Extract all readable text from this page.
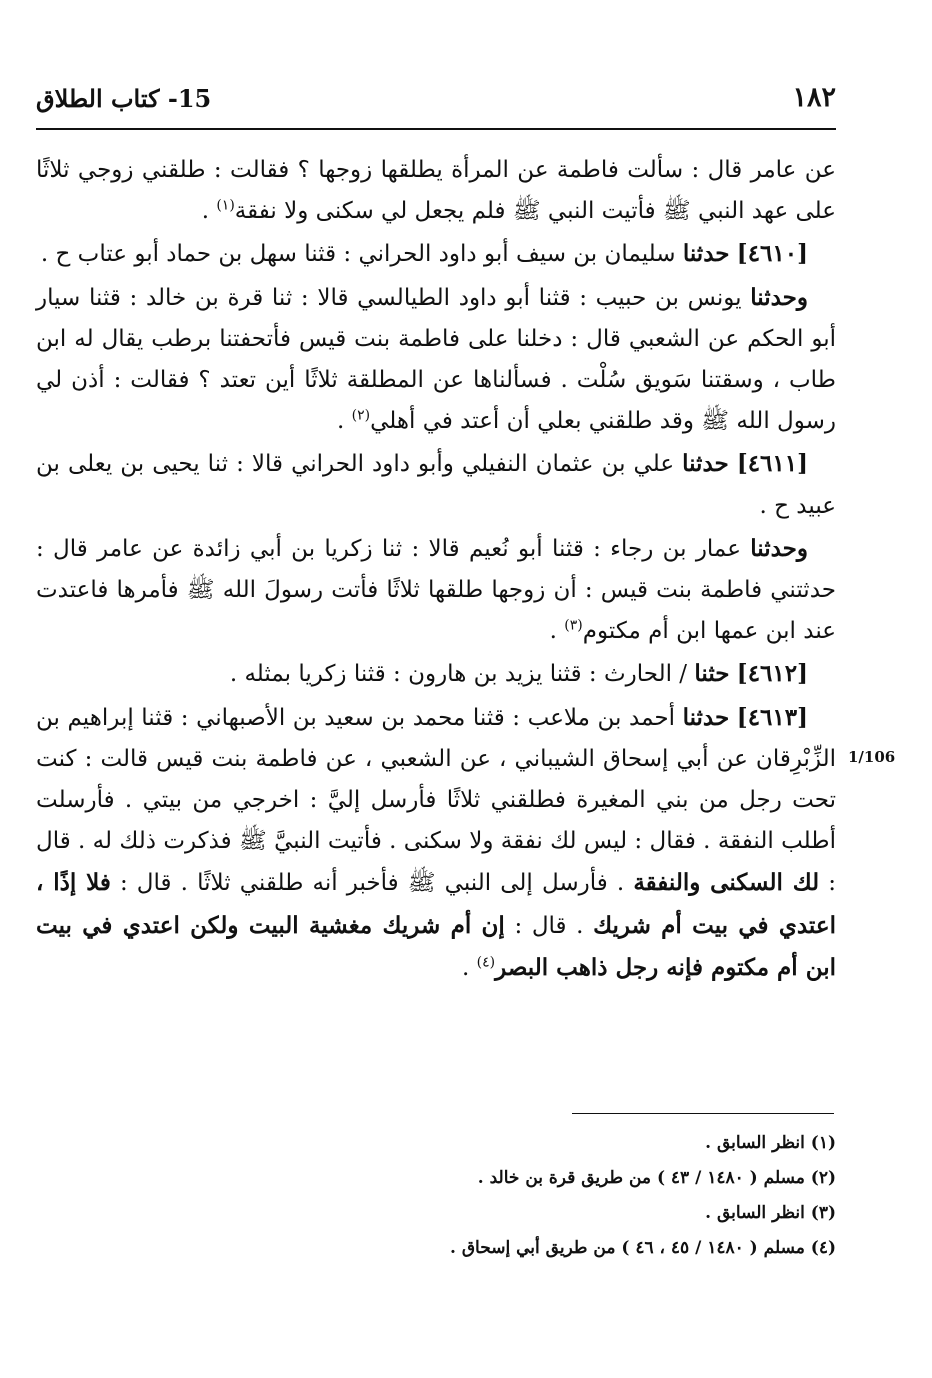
١٨٢
15- كتاب الطلاق

عن عامر قال : سألت فاطمة عن المرأة يطلقها زوجها ؟ فقالت : طلقني زوجي ثلاثًا على عهد النبي ﷺ فأتيت النبي ﷺ فلم يجعل لي سكنى ولا نفقة$^{(١)}$ .

[٤٦١٠] حدثنا سليمان بن سيف أبو داود الحراني : قثنا سهل بن حماد أبو عتاب ح .

وحدثنا يونس بن حبيب : قثنا أبو داود الطيالسي قالا : ثنا قرة بن خالد : قثنا سيار أبو الحكم عن الشعبي قال : دخلنا على فاطمة بنت قيس فأتحفتنا برطب يقال له ابن طاب ، وسقتنا سَويق سُلْت . فسألناها عن المطلقة ثلاثًا أين تعتد ؟ فقالت : أذن لي رسول الله ﷺ وقد طلقني بعلي أن أعتد في أهلي$^{(٢)}$ .

[٤٦١١] حدثنا علي بن عثمان النفيلي وأبو داود الحراني قالا : ثنا يحيى بن يعلى بن عبيد ح .

وحدثنا عمار بن رجاء : قثنا أبو نُعيم قالا : ثنا زكريا بن أبي زائدة عن عامر قال : حدثتني فاطمة بنت قيس : أن زوجها طلقها ثلاثًا فأتت رسولَ الله ﷺ فأمرها فاعتدت عند ابن عمها ابن أم مكتوم$^{(٣)}$ .

[٤٦١٢] حثنا / الحارث : قثنا يزيد بن هارون : قثنا زكريا بمثله .

[٤٦١٣] حدثنا أحمد بن ملاعب : قثنا محمد بن سعيد بن الأصبهاني : قثنا إبراهيم بن الزِّبْرِقان عن أبي إسحاق الشيباني ، عن الشعبي ، عن فاطمة بنت قيس قالت : كنت تحت رجل من بني المغيرة فطلقني ثلاثًا فأرسل إليَّ : اخرجي من بيتي . فأرسلت أطلب النفقة . فقال : ليس لك نفقة ولا سكنى . فأتيت النبيَّ ﷺ فذكرت ذلك له . قال : لك السكنى والنفقة . فأرسل إلى النبي ﷺ فأخبر أنه طلقني ثلاثًا . قال : فلا إذًا ، اعتدي في بيت أم شريك . قال : إن أم شريك مغشية البيت ولكن اعتدي في بيت ابن أم مكتوم فإنه رجل ذاهب البصر$^{(٤)}$ .

1/106
(١) انظر السابق .
(٢) مسلم ( ١٤٨٠ / ٤٣ ) من طريق قرة بن خالد .
(٣) انظر السابق .
(٤) مسلم ( ١٤٨٠ / ٤٥ ، ٤٦ ) من طريق أبي إسحاق .
